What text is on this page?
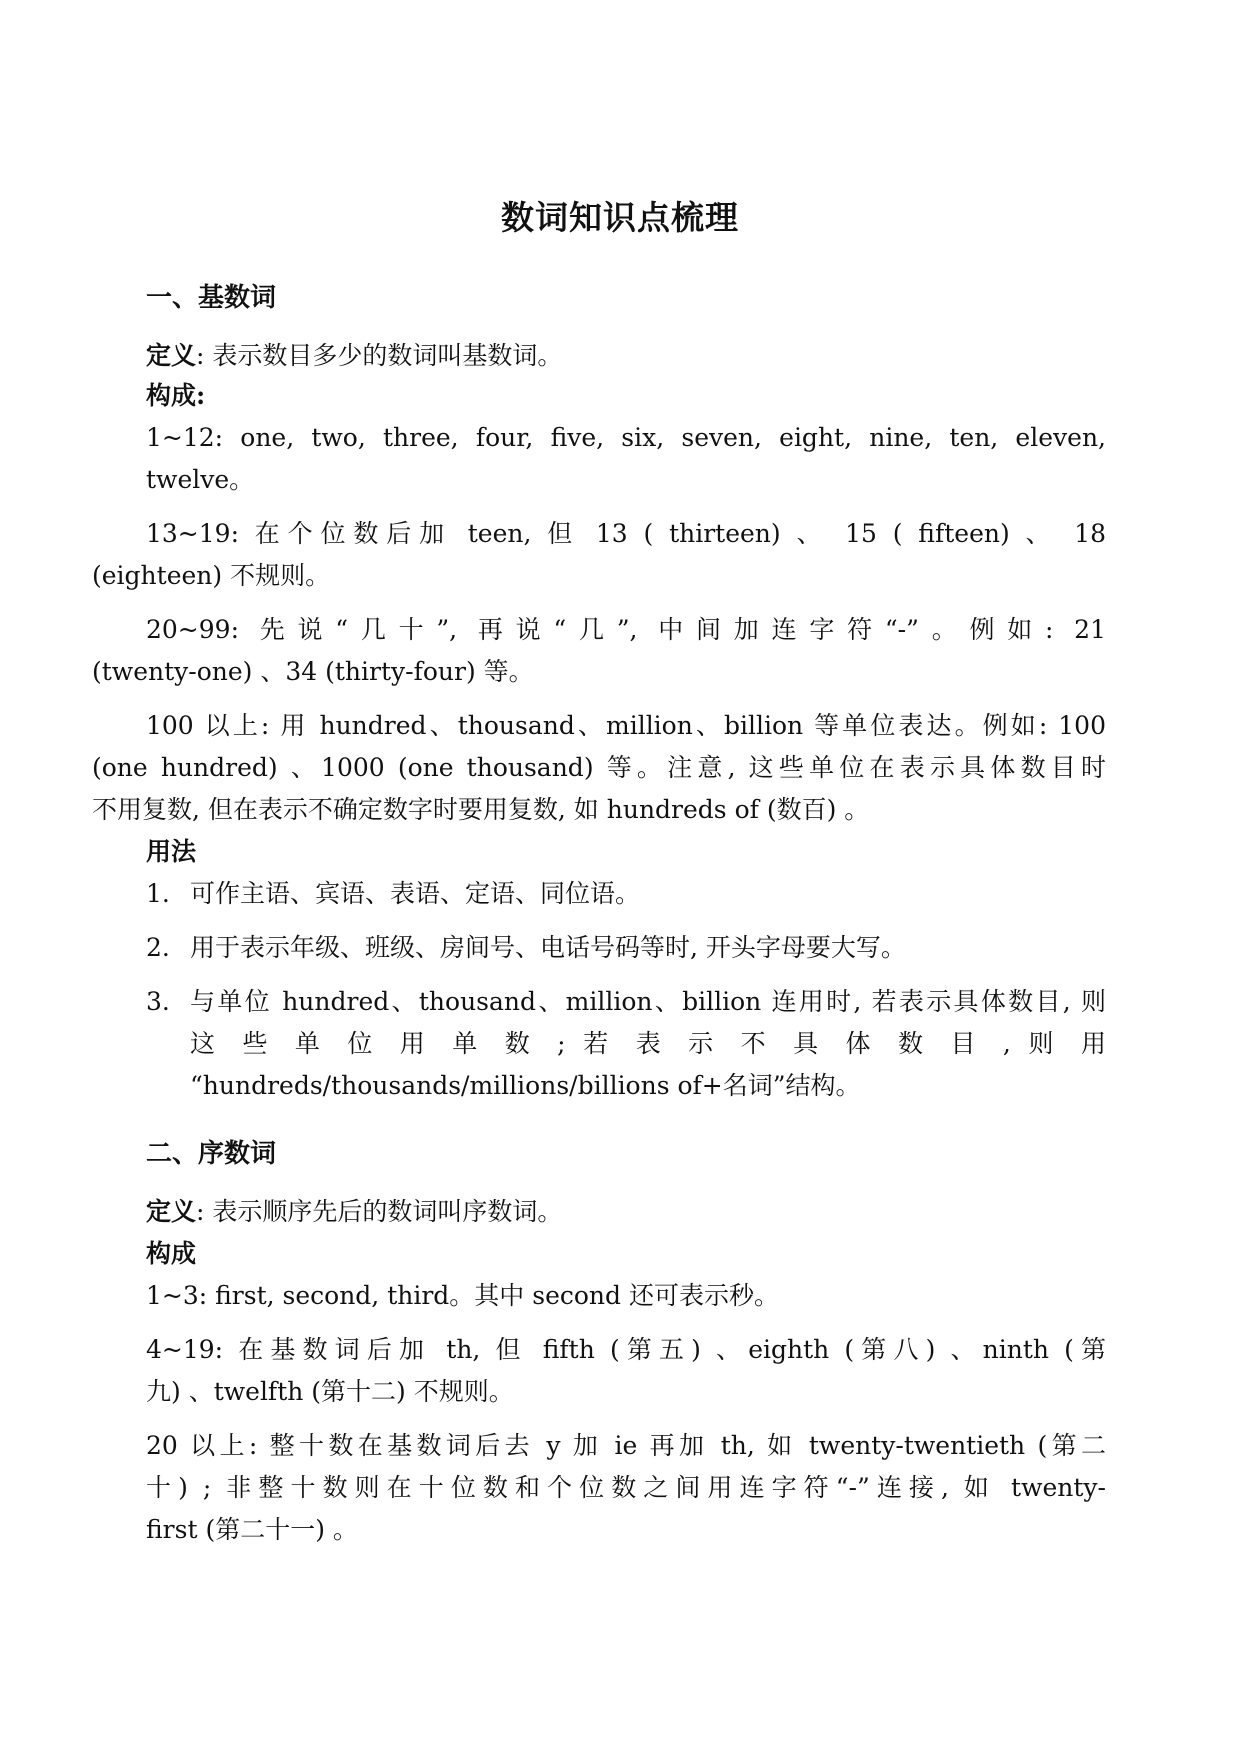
数词知识点梳理
一、基数词
定义: 表示数目多少的数词叫基数词。
构成:
1~12: one, two, three, four, five, six, seven, eight, nine, ten, eleven,
twelve。
13~19: 在个位数后加 teen, 但 13 ( thirteen) 、 15 ( fifteen) 、 18
(eighteen) 不规则。
20~99: 先说“几十”, 再说“几”, 中间加连字符“-”。例如: 21
(twenty-one) 、34 (thirty-four) 等。
100 以上: 用 hundred、thousand、million、billion 等单位表达。例如: 100
(one hundred) 、1000 (one thousand) 等。注意, 这些单位在表示具体数目时
不用复数, 但在表示不确定数字时要用复数, 如 hundreds of (数百) 。
用法
1. 可作主语、宾语、表语、定语、同位语。
2. 用于表示年级、班级、房间号、电话号码等时, 开头字母要大写。
3. 与单位 hundred、thousand、million、billion 连用时, 若表示具体数目, 则
这 些 单 位 用 单 数 ; 若 表 示 不 具 体 数 目 , 则 用
“hundreds/thousands/millions/billions of+名词”结构。
二、序数词
定义: 表示顺序先后的数词叫序数词。
构成
1~3: first, second, third。其中 second 还可表示秒。
4~19: 在基数词后加 th, 但 fifth (第五) 、eighth (第八) 、ninth (第
九) 、twelfth (第十二) 不规则。
20 以上: 整十数在基数词后去 y 加 ie 再加 th, 如 twenty-twentieth (第二
十) ; 非整十数则在十位数和个位数之间用连字符“-”连接, 如 twenty-
first (第二十一) 。
